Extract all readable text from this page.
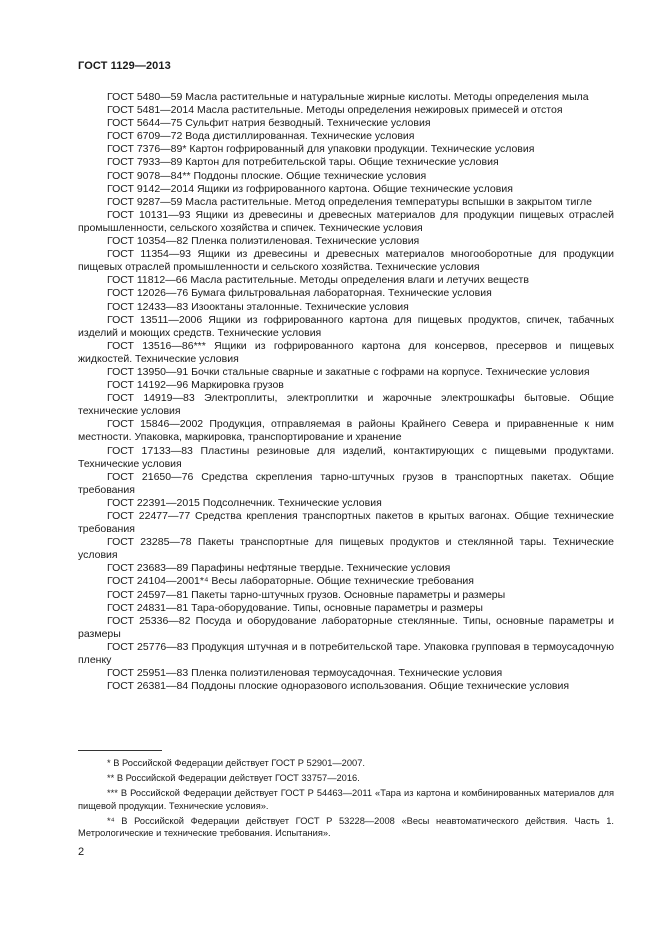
ГОСТ 1129—2013

ГОСТ 5480—59 Масла растительные и натуральные жирные кислоты. Методы определения мыла

ГОСТ 5481—2014 Масла растительные. Методы определения нежировых примесей и отстоя

ГОСТ 5644—75 Сульфит натрия безводный. Технические условия

ГОСТ 6709—72 Вода дистиллированная. Технические условия

ГОСТ 7376—89* Картон гофрированный для упаковки продукции. Технические условия

ГОСТ 7933—89 Картон для потребительской тары. Общие технические условия

ГОСТ 9078—84** Поддоны плоские. Общие технические условия

ГОСТ 9142—2014 Ящики из гофрированного картона. Общие технические условия

ГОСТ 9287—59 Масла растительные. Метод определения температуры вспышки в закрытом тигле

ГОСТ 10131—93 Ящики из древесины и древесных материалов для продукции пищевых отраслей промышленности, сельского хозяйства и спичек. Технические условия

ГОСТ 10354—82 Пленка полиэтиленовая. Технические условия

ГОСТ 11354—93 Ящики из древесины и древесных материалов многооборотные для продукции пищевых отраслей промышленности и сельского хозяйства. Технические условия

ГОСТ 11812—66 Масла растительные. Методы определения влаги и летучих веществ

ГОСТ 12026—76 Бумага фильтровальная лабораторная. Технические условия

ГОСТ 12433—83 Изооктаны эталонные. Технические условия

ГОСТ 13511—2006 Ящики из гофрированного картона для пищевых продуктов, спичек, табачных изделий и моющих средств. Технические условия

ГОСТ 13516—86*** Ящики из гофрированного картона для консервов, пресервов и пищевых жидкостей. Технические условия

ГОСТ 13950—91 Бочки стальные сварные и закатные с гофрами на корпусе. Технические условия

ГОСТ 14192—96 Маркировка грузов

ГОСТ 14919—83 Электроплиты, электроплитки и жарочные электрошкафы бытовые. Общие технические условия

ГОСТ 15846—2002 Продукция, отправляемая в районы Крайнего Севера и приравненные к ним местности. Упаковка, маркировка, транспортирование и хранение

ГОСТ 17133—83 Пластины резиновые для изделий, контактирующих с пищевыми продуктами. Технические условия

ГОСТ 21650—76 Средства скрепления тарно-штучных грузов в транспортных пакетах. Общие требования

ГОСТ 22391—2015 Подсолнечник. Технические условия

ГОСТ 22477—77 Средства крепления транспортных пакетов в крытых вагонах. Общие технические требования

ГОСТ 23285—78 Пакеты транспортные для пищевых продуктов и стеклянной тары. Технические условия

ГОСТ 23683—89 Парафины нефтяные твердые. Технические условия

ГОСТ 24104—2001*⁴ Весы лабораторные. Общие технические требования

ГОСТ 24597—81 Пакеты тарно-штучных грузов. Основные параметры и размеры

ГОСТ 24831—81 Тара-оборудование. Типы, основные параметры и размеры

ГОСТ 25336—82 Посуда и оборудование лабораторные стеклянные. Типы, основные параметры и размеры

ГОСТ 25776—83 Продукция штучная и в потребительской таре. Упаковка групповая в термоусадочную пленку

ГОСТ 25951—83 Пленка полиэтиленовая термоусадочная. Технические условия

ГОСТ 26381—84 Поддоны плоские одноразового использования. Общие технические условия

* В Российской Федерации действует ГОСТ Р 52901—2007.

** В Российской Федерации действует ГОСТ 33757—2016.

*** В Российской Федерации действует ГОСТ Р 54463—2011 «Тара из картона и комбинированных материалов для пищевой продукции. Технические условия».

*⁴ В Российской Федерации действует ГОСТ Р 53228—2008 «Весы неавтоматического действия. Часть 1. Метрологические и технические требования. Испытания».

2
